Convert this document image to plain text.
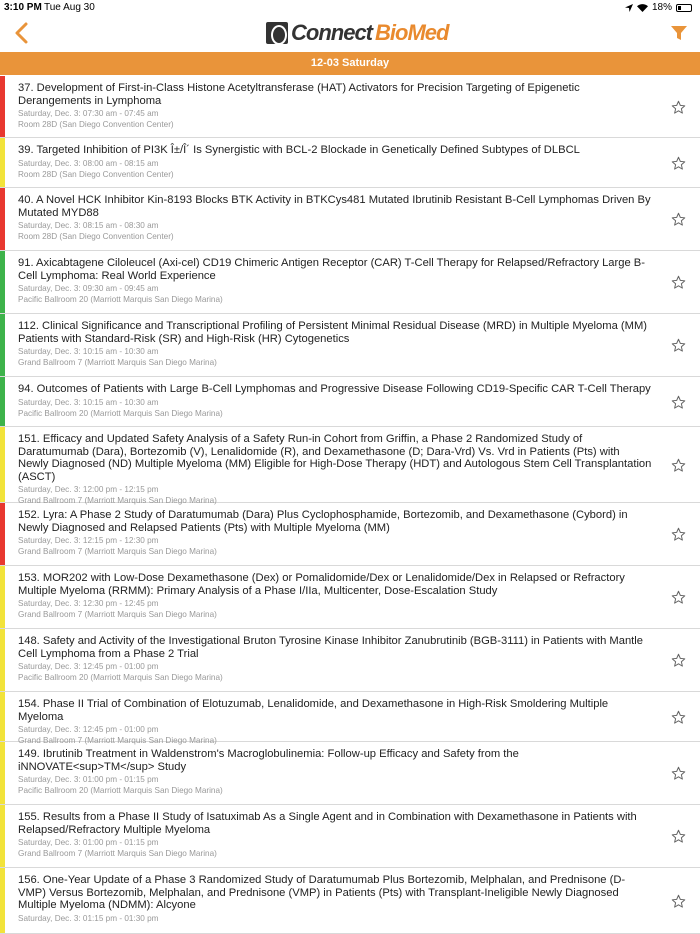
3:10 PM Tue Aug 30	18%
Connect BioMed
12-03 Saturday
37. Development of First-in-Class Histone Acetyltransferase (HAT) Activators for Precision Targeting of Epigenetic Derangements in Lymphoma
Saturday, Dec. 3: 07:30 am - 07:45 am
Room 28D (San Diego Convention Center)
39. Targeted Inhibition of PI3K Î±/Î´ Is Synergistic with BCL-2 Blockade in Genetically Defined Subtypes of DLBCL
Saturday, Dec. 3: 08:00 am - 08:15 am
Room 28D (San Diego Convention Center)
40. A Novel HCK Inhibitor Kin-8193 Blocks BTK Activity in BTKCys481 Mutated Ibrutinib Resistant B-Cell Lymphomas Driven By Mutated MYD88
Saturday, Dec. 3: 08:15 am - 08:30 am
Room 28D (San Diego Convention Center)
91. Axicabtagene Ciloleucel (Axi-cel) CD19 Chimeric Antigen Receptor (CAR) T-Cell Therapy for Relapsed/Refractory Large B-Cell Lymphoma: Real World Experience
Saturday, Dec. 3: 09:30 am - 09:45 am
Pacific Ballroom 20 (Marriott Marquis San Diego Marina)
112. Clinical Significance and Transcriptional Profiling of Persistent Minimal Residual Disease (MRD) in Multiple Myeloma (MM) Patients with Standard-Risk (SR) and High-Risk (HR) Cytogenetics
Saturday, Dec. 3: 10:15 am - 10:30 am
Grand Ballroom 7 (Marriott Marquis San Diego Marina)
94. Outcomes of Patients with Large B-Cell Lymphomas and Progressive Disease Following CD19-Specific CAR T-Cell Therapy
Saturday, Dec. 3: 10:15 am - 10:30 am
Pacific Ballroom 20 (Marriott Marquis San Diego Marina)
151. Efficacy and Updated Safety Analysis of a Safety Run-in Cohort from Griffin, a Phase 2 Randomized Study of Daratumumab (Dara), Bortezomib (V), Lenalidomide (R), and Dexamethasone (D; Dara-Vrd) Vs. Vrd in Patients (Pts) with Newly Diagnosed (ND) Multiple Myeloma (MM) Eligible for High-Dose Therapy (HDT) and Autologous Stem Cell Transplantation (ASCT)
Saturday, Dec. 3: 12:00 pm - 12:15 pm
Grand Ballroom 7 (Marriott Marquis San Diego Marina)
152. Lyra: A Phase 2 Study of Daratumumab (Dara) Plus Cyclophosphamide, Bortezomib, and Dexamethasone (Cybord) in Newly Diagnosed and Relapsed Patients (Pts) with Multiple Myeloma (MM)
Saturday, Dec. 3: 12:15 pm - 12:30 pm
Grand Ballroom 7 (Marriott Marquis San Diego Marina)
153. MOR202 with Low-Dose Dexamethasone (Dex) or Pomalidomide/Dex or Lenalidomide/Dex in Relapsed or Refractory Multiple Myeloma (RRMM): Primary Analysis of a Phase I/IIa, Multicenter, Dose-Escalation Study
Saturday, Dec. 3: 12:30 pm - 12:45 pm
Grand Ballroom 7 (Marriott Marquis San Diego Marina)
148. Safety and Activity of the Investigational Bruton Tyrosine Kinase Inhibitor Zanubrutinib (BGB-3111) in Patients with Mantle Cell Lymphoma from a Phase 2 Trial
Saturday, Dec. 3: 12:45 pm - 01:00 pm
Pacific Ballroom 20 (Marriott Marquis San Diego Marina)
154. Phase II Trial of Combination of Elotuzumab, Lenalidomide, and Dexamethasone in High-Risk Smoldering Multiple Myeloma
Saturday, Dec. 3: 12:45 pm - 01:00 pm
Grand Ballroom 7 (Marriott Marquis San Diego Marina)
149. Ibrutinib Treatment in Waldenstrom's Macroglobulinemia: Follow-up Efficacy and Safety from the iNNOVATE<sup>TM</sup> Study
Saturday, Dec. 3: 01:00 pm - 01:15 pm
Pacific Ballroom 20 (Marriott Marquis San Diego Marina)
155. Results from a Phase II Study of Isatuximab As a Single Agent and in Combination with Dexamethasone in Patients with Relapsed/Refractory Multiple Myeloma
Saturday, Dec. 3: 01:00 pm - 01:15 pm
Grand Ballroom 7 (Marriott Marquis San Diego Marina)
156. One-Year Update of a Phase 3 Randomized Study of Daratumumab Plus Bortezomib, Melphalan, and Prednisone (D-VMP) Versus Bortezomib, Melphalan, and Prednisone (VMP) in Patients (Pts) with Transplant-Ineligible Newly Diagnosed Multiple Myeloma (NDMM): Alcyone
Saturday, Dec. 3: 01:15 pm - 01:30 pm
